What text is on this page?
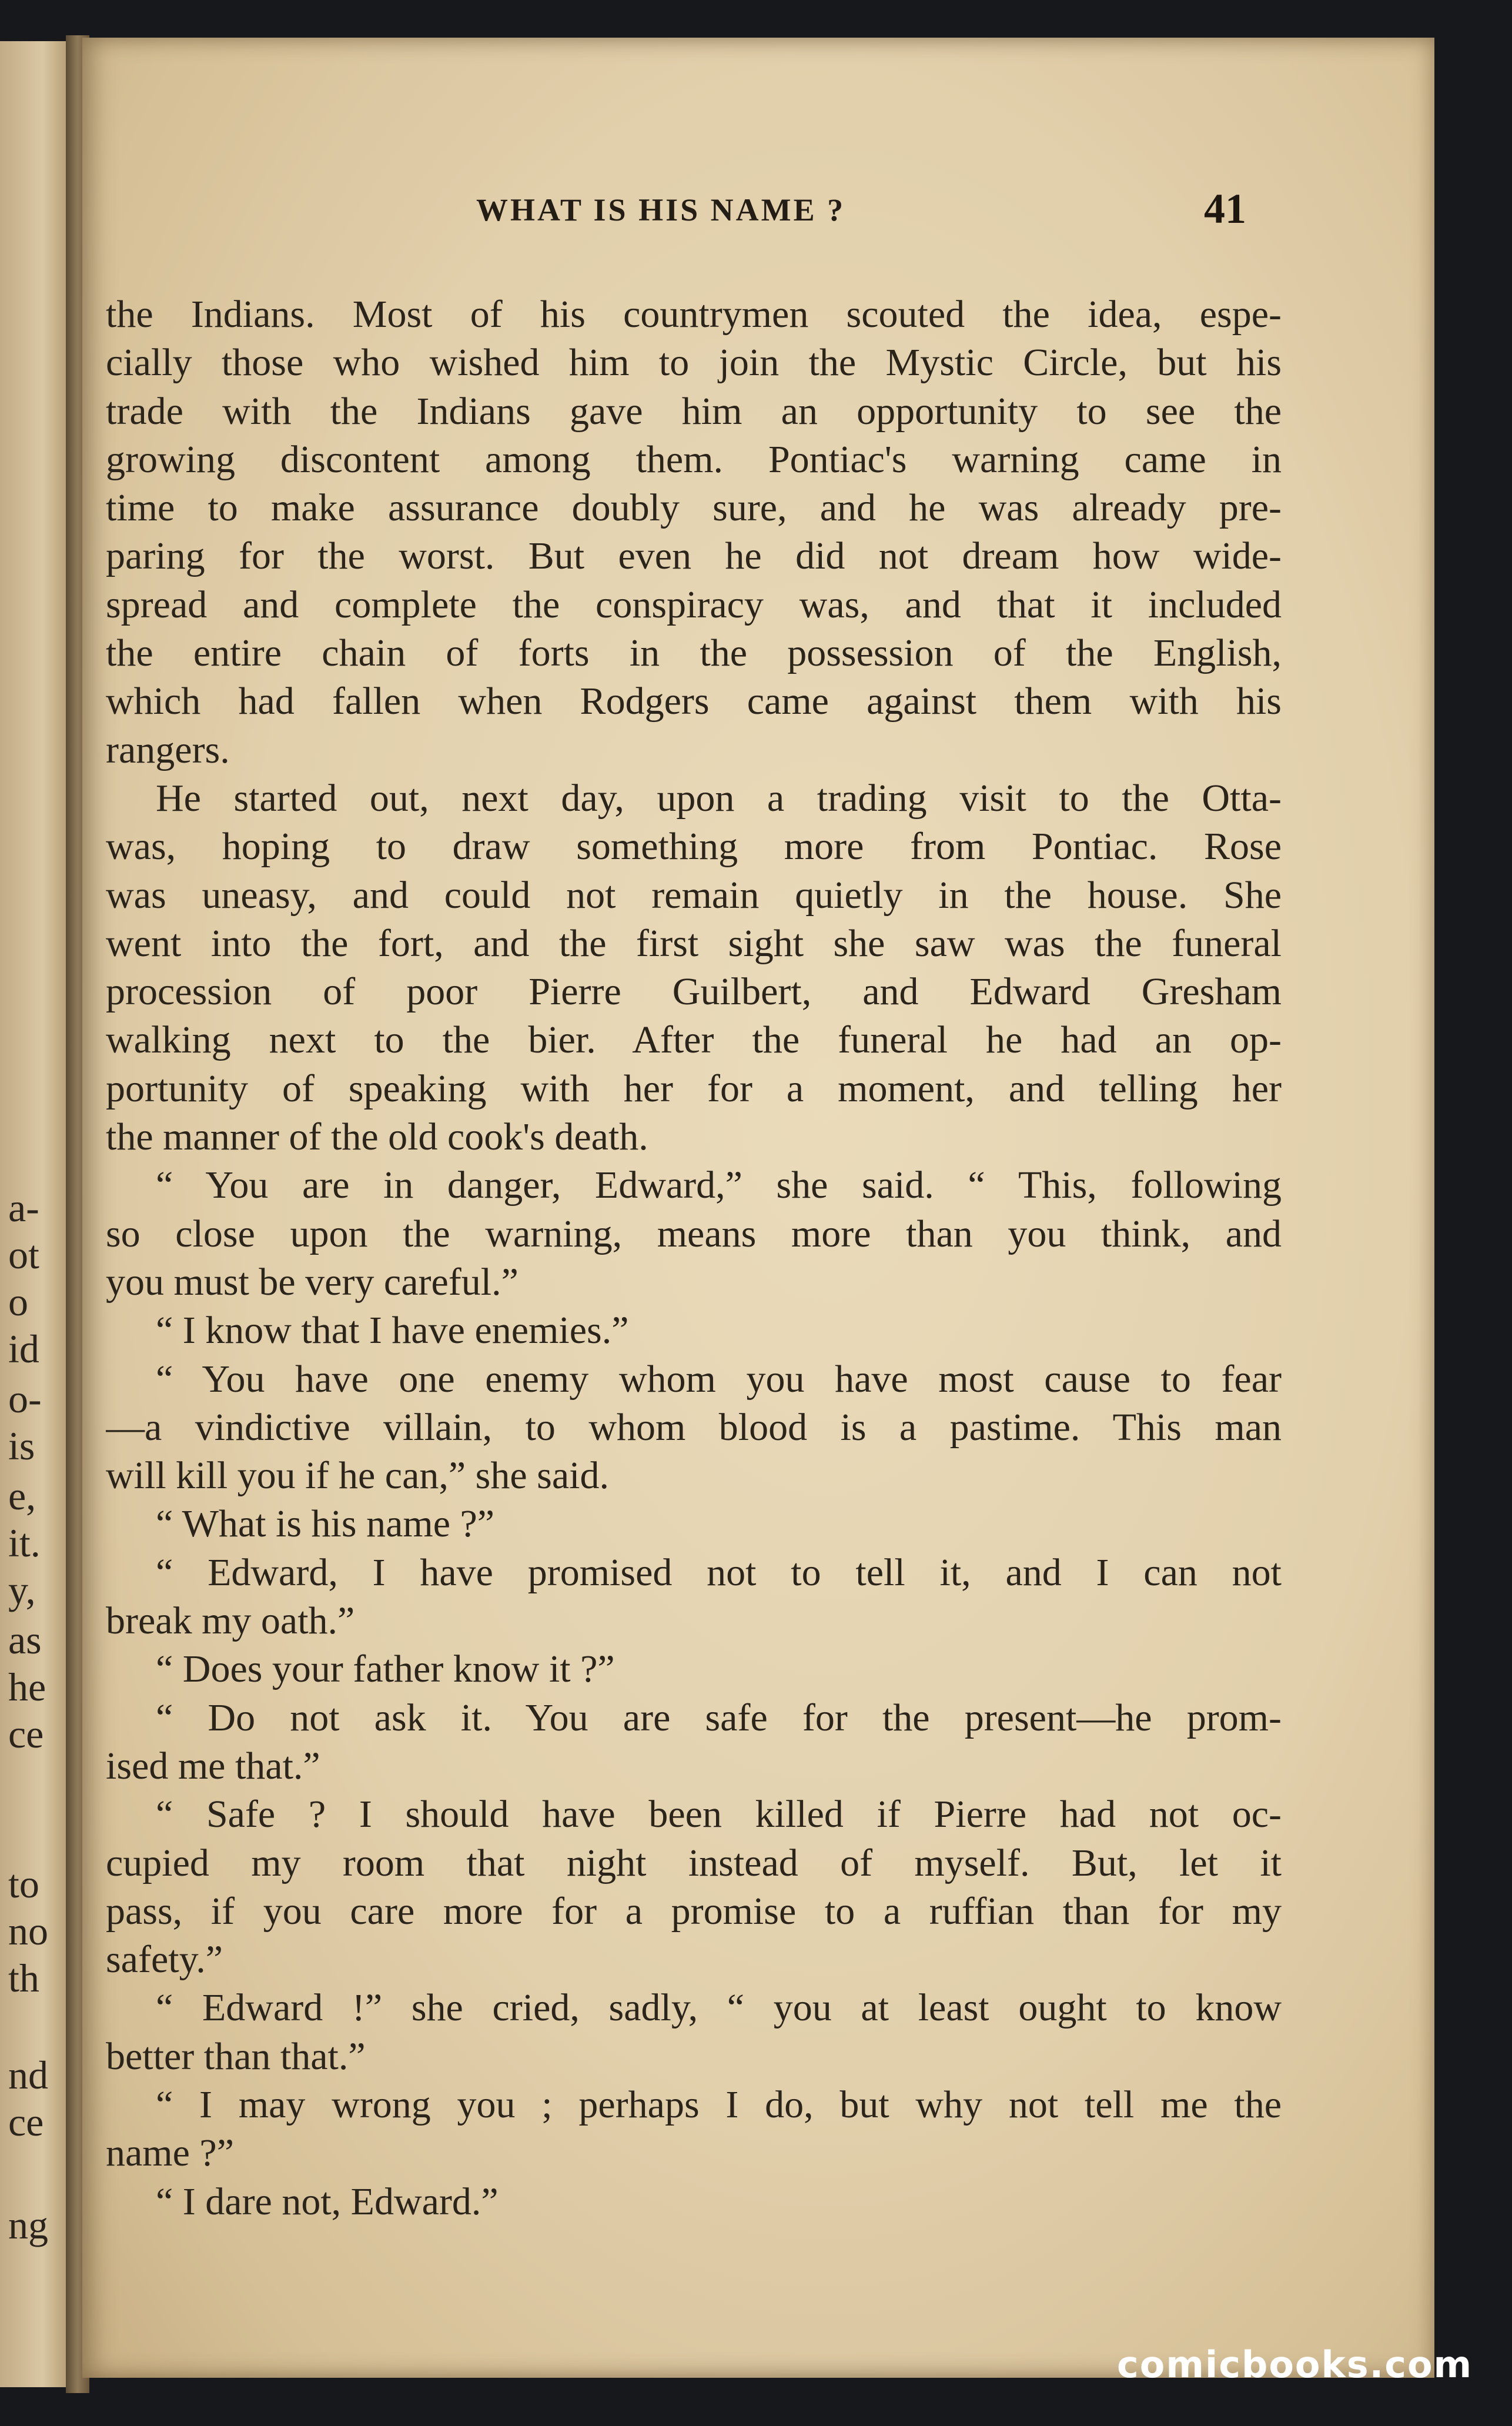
a-
ot
o
id
o-
is
e,
it.
y,
as
he
ce
to
no
th
nd
ce
ng
WHAT IS HIS NAME ?	41
the Indians. Most of his countrymen scouted the idea, espe-
cially those who wished him to join the Mystic Circle, but his
trade with the Indians gave him an opportunity to see the
growing discontent among them. Pontiac's warning came in
time to make assurance doubly sure, and he was already pre-
paring for the worst. But even he did not dream how wide-
spread and complete the conspiracy was, and that it included
the entire chain of forts in the possession of the English,
which had fallen when Rodgers came against them with his
rangers.
He started out, next day, upon a trading visit to the Otta-
was, hoping to draw something more from Pontiac. Rose
was uneasy, and could not remain quietly in the house. She
went into the fort, and the first sight she saw was the funeral
procession of poor Pierre Guilbert, and Edward Gresham
walking next to the bier. After the funeral he had an op-
portunity of speaking with her for a moment, and telling her
the manner of the old cook's death.
“ You are in danger, Edward,” she said. “ This, following
so close upon the warning, means more than you think, and
you must be very careful.”
“ I know that I have enemies.”
“ You have one enemy whom you have most cause to fear
—a vindictive villain, to whom blood is a pastime. This man
will kill you if he can,” she said.
“ What is his name ?”
“ Edward, I have promised not to tell it, and I can not
break my oath.”
“ Does your father know it ?”
“ Do not ask it. You are safe for the present—he prom-
ised me that.”
“ Safe ? I should have been killed if Pierre had not oc-
cupied my room that night instead of myself. But, let it
pass, if you care more for a promise to a ruffian than for my
safety.”
“ Edward !” she cried, sadly, “ you at least ought to know
better than that.”
“ I may wrong you ; perhaps I do, but why not tell me the
name ?”
“ I dare not, Edward.”
comicbooks.com
